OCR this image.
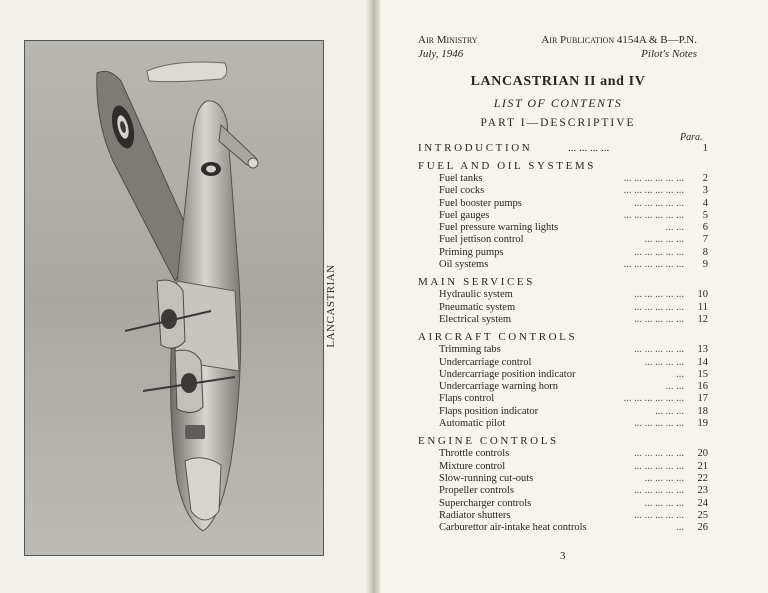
LANCASTRIAN
Air Ministry
July, 1946
Air Publication 4154A & B—P.N.
Pilot's Notes
LANCASTRIAN II and IV
LIST OF CONTENTS
PART I—DESCRIPTIVE
Para.
INTRODUCTION	... ... ... ...	1
FUEL AND OIL SYSTEMS
Fuel tanks	... ... ... ... ... ... 2
Fuel cocks	... ... ... ... ... ... 3
Fuel booster pumps	... ... ... ... ... 4
Fuel gauges	... ... ... ... ... ... 5
Fuel pressure warning lights	... ... 6
Fuel jettison control	... ... ... ... 7
Priming pumps	... ... ... ... ... 8
Oil systems	... ... ... ... ... ... 9
MAIN SERVICES
Hydraulic system	... ... ... ... ... 10
Pneumatic system	... ... ... ... ... 11
Electrical system	... ... ... ... ... 12
AIRCRAFT CONTROLS
Trimming tabs	... ... ... ... ... 13
Undercarriage control	... ... ... ... 14
Undercarriage position indicator	... 15
Undercarriage warning horn	... ... 16
Flaps control	... ... ... ... ... ... 17
Flaps position indicator	... ... ... 18
Automatic pilot	... ... ... ... ... 19
ENGINE CONTROLS
Throttle controls	... ... ... ... ... 20
Mixture control	... ... ... ... ... 21
Slow-running cut-outs	... ... ... ... 22
Propeller controls	... ... ... ... ... 23
Supercharger controls	... ... ... ... 24
Radiator shutters	... ... ... ... ... 25
Carburettor air-intake heat controls	... 26
3
